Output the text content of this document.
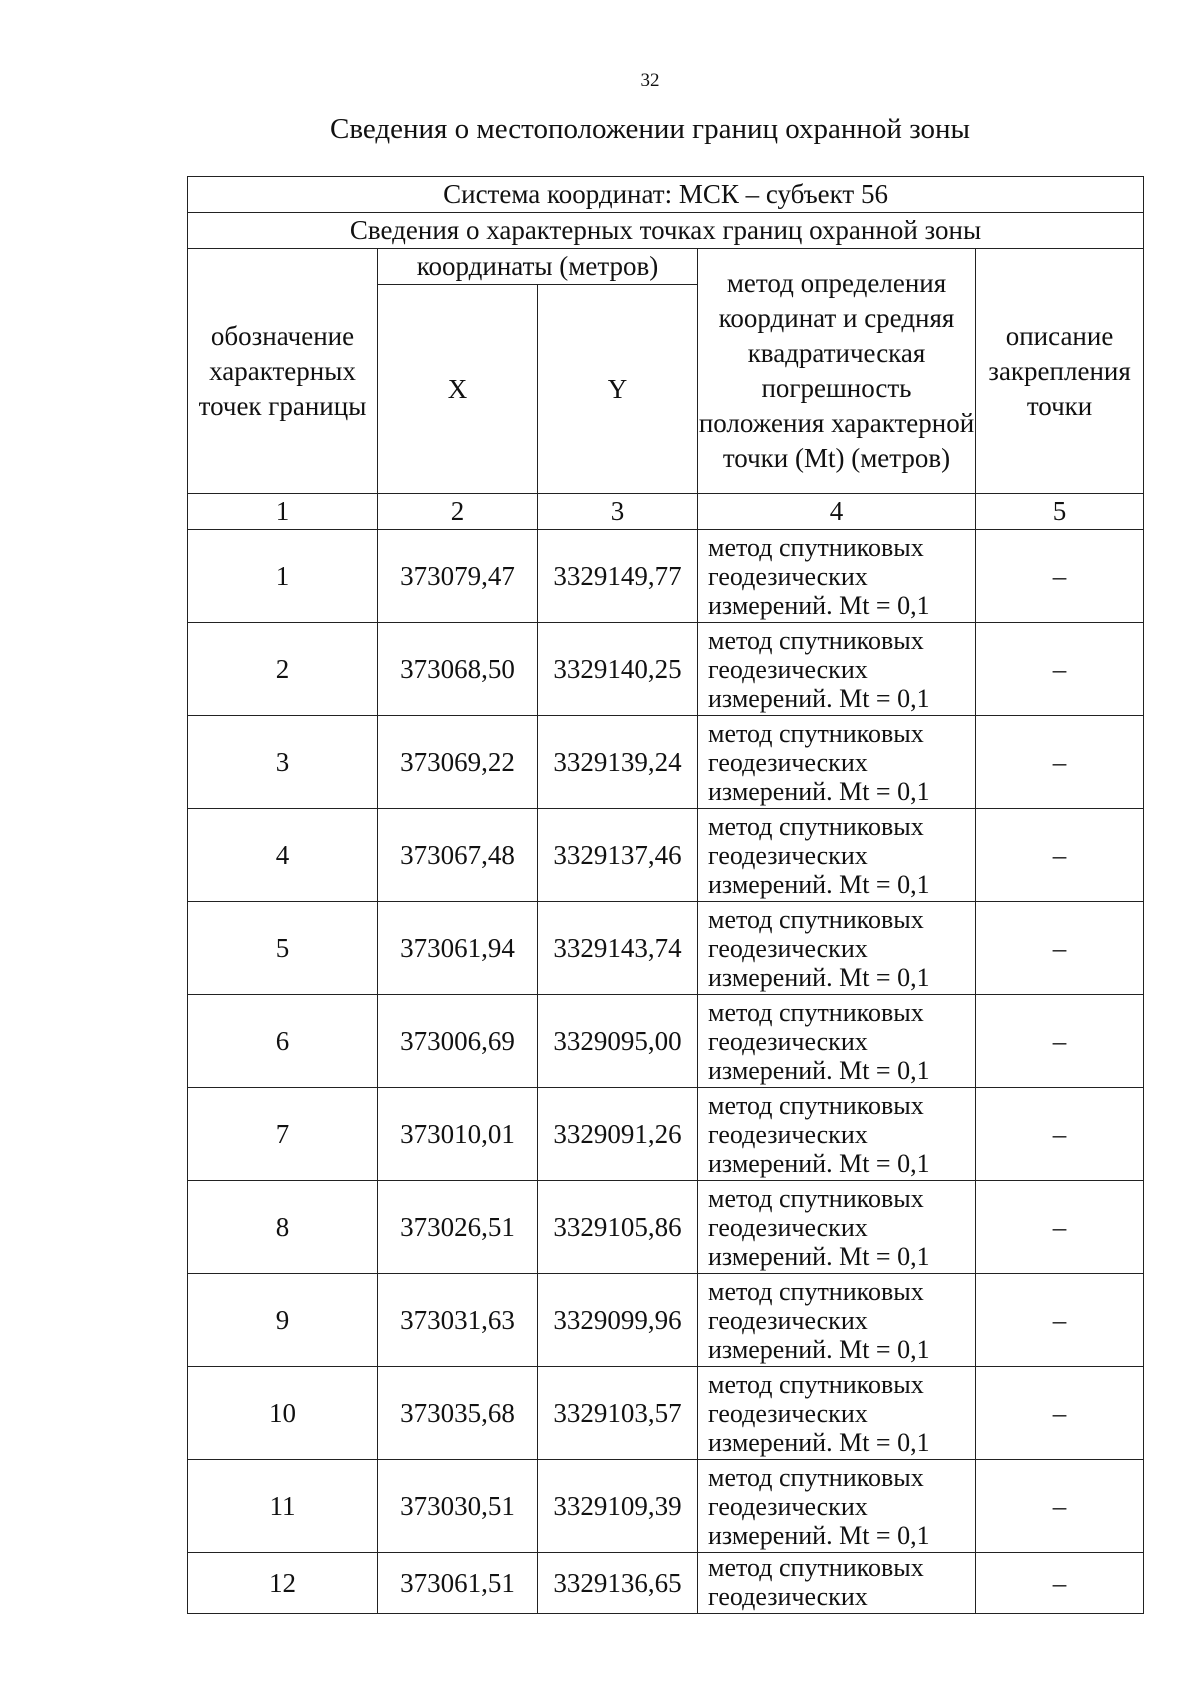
32
Сведения о местоположении границ охранной зоны
Система координат: МСК – субъект 56				
Сведения о характерных точках границ охранной зоны				
обозначение характерных точек границы	координаты (метров)		метод определения координат и средняя квадратическая погрешность положения характерной точки (Mt) (метров)	описание закрепления точки
	X	Y		
1	2	3	4	5
1	373079,47	3329149,77	метод спутниковых
геодезических
измерений. Mt = 0,1	–
2	373068,50	3329140,25	метод спутниковых
геодезических
измерений. Mt = 0,1	–
3	373069,22	3329139,24	метод спутниковых
геодезических
измерений. Mt = 0,1	–
4	373067,48	3329137,46	метод спутниковых
геодезических
измерений. Mt = 0,1	–
5	373061,94	3329143,74	метод спутниковых
геодезических
измерений. Mt = 0,1	–
6	373006,69	3329095,00	метод спутниковых
геодезических
измерений. Mt = 0,1	–
7	373010,01	3329091,26	метод спутниковых
геодезических
измерений. Mt = 0,1	–
8	373026,51	3329105,86	метод спутниковых
геодезических
измерений. Mt = 0,1	–
9	373031,63	3329099,96	метод спутниковых
геодезических
измерений. Mt = 0,1	–
10	373035,68	3329103,57	метод спутниковых
геодезических
измерений. Mt = 0,1	–
11	373030,51	3329109,39	метод спутниковых
геодезических
измерений. Mt = 0,1	–
12	373061,51	3329136,65	метод спутниковых
геодезических	–
